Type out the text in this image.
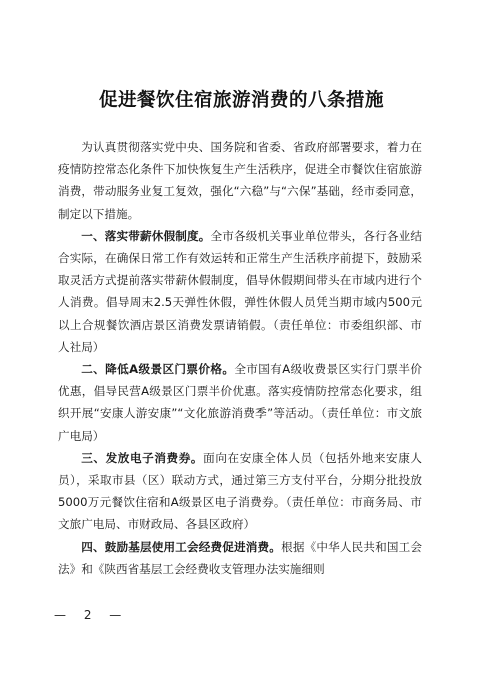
促进餐饮住宿旅游消费的八条措施

为认真贯彻落实党中央、国务院和省委、省政府部署要求，着力在疫情防控常态化条件下加快恢复生产生活秩序，促进全市餐饮住宿旅游消费，带动服务业复工复效，强化“六稳”与“六保”基础，经市委同意，制定以下措施。

一、落实带薪休假制度。全市各级机关事业单位带头，各行各业结合实际，在确保日常工作有效运转和正常生产生活秩序前提下，鼓励采取灵活方式提前落实带薪休假制度，倡导休假期间带头在市域内进行个人消费。倡导周末2.5天弹性休假，弹性休假人员凭当期市域内500元以上合规餐饮酒店景区消费发票请销假。（责任单位：市委组织部、市人社局）

二、降低A级景区门票价格。全市国有A级收费景区实行门票半价优惠，倡导民营A级景区门票半价优惠。落实疫情防控常态化要求，组织开展“安康人游安康”“文化旅游消费季”等活动。（责任单位：市文旅广电局）

三、发放电子消费券。面向在安康全体人员（包括外地来安康人员），采取市县（区）联动方式，通过第三方支付平台，分期分批投放5000万元餐饮住宿和A级景区电子消费券。（责任单位：市商务局、市文旅广电局、市财政局、各县区政府）

四、鼓励基层使用工会经费促进消费。根据《中华人民共和国工会法》和《陕西省基层工会经费收支管理办法实施细则

— 2 —
